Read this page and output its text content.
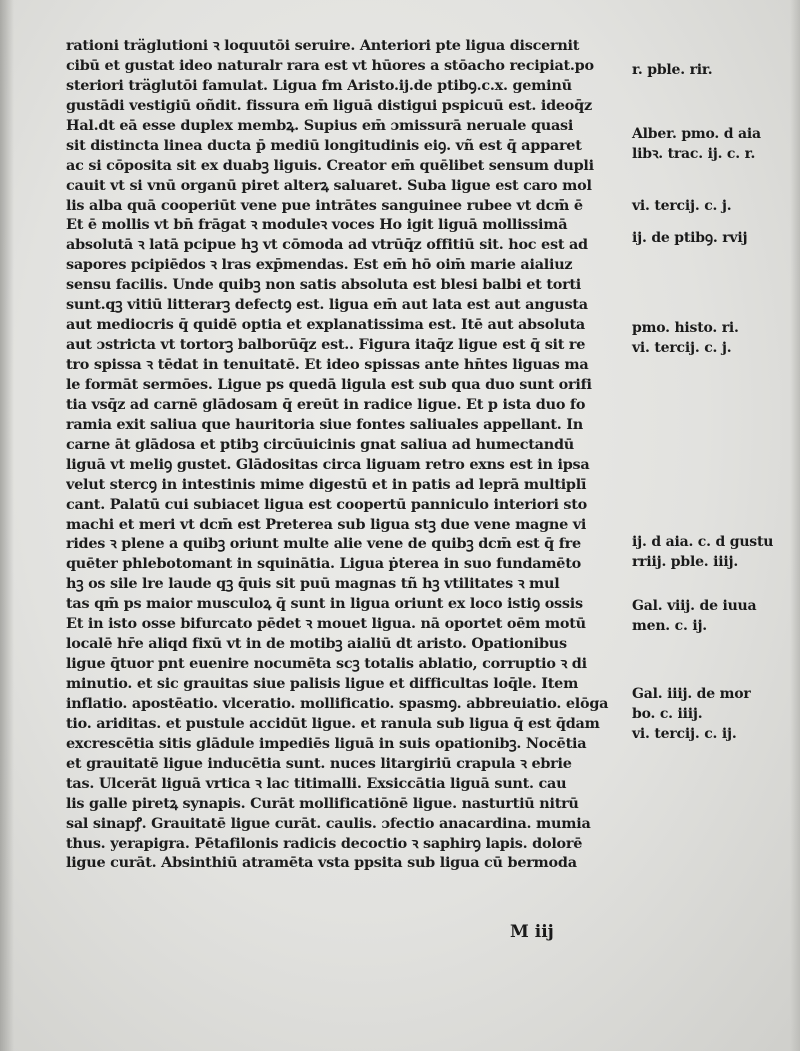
rationi träglutioni ꝛ loquutōi seruire. Anteriori pte ligua discernit
cibū et gustat ideo naturalr rara est vt hūores a stōacho recipiat.po
steriori träglutōi famulat. Ligua fm Aristo.ij.de ptibꝯ.c.x. geminū
gustādi vestigiū oñdit. fissura em̄ liguā distigui pspicuū est. ideoq̄z
Hal.dt eā esse duplex membꝝ. Supius em̄ ɔmissurā neruale quasi
sit distincta linea ducta p̄ mediū longitudinis eiꝯ. vñ est q̄ apparet
ac si cōposita sit ex duabꝫ liguis. Creator em̄ quēlibet sensum dupli
cauit vt si vnū organū piret alterꝝ saluaret. Suba ligue est caro mol
lis alba quā cooperiūt vene pue intrātes sanguinee rubee vt dcm̄ ē
Et ē mollis vt bn̄ frāgat ꝛ moduleꝛ voces Ho igit liguā mollissimā
absolutā ꝛ latā pcipue hꝫ vt cōmoda ad vtrūq̄z offitiū sit. hoc est ad
sapores pcipiēdos ꝛ lras exp̄mendas. Est em̄ hō oim̄ marie aialiuz
sensu facilis. Unde quibꝫ non satis absoluta est blesi balbi et torti
sunt.qꝫ vitiū litterarꝫ defectꝯ est. ligua em̄ aut lata est aut angusta
aut mediocris q̄ quidē optia et explanatissima est. Itē aut absoluta
aut ɔstricta vt tortorꝫ balborūq̄z est.. Figura itaq̄z ligue est q̄ sit re
tro spissa ꝛ tēdat in tenuitatē. Et ideo spissas ante hn̄tes liguas ma
le formāt sermōes. Ligue ps quedā ligula est sub qua duo sunt orifi
tia vsq̄z ad carnē glādosam q̄ ereūt in radice ligue. Et p ista duo fo
ramia exit saliua que hauritoria siue fontes saliuales appellant. In
carne āt glādosa et ptibꝫ circūuicinis gnat saliua ad humectandū
liguā vt meliꝯ gustet. Glādositas circa liguam retro exns est in ipsa
velut stercꝯ in intestinis mime digestū et in patis ad leprā multiplī
cant. Palatū cui subiacet ligua est coopertū panniculo interiori sto
machi et meri vt dcm̄ est Preterea sub ligua stꝫ due vene magne vi
rides ꝛ plene a quibꝫ oriunt multe alie vene de quibꝫ dcm̄ est q̄ fre
quēter phlebotomant in squinātia. Ligua ṗterea in suo fundamēto
hꝫ os sile lre laude qꝫ q̄uis sit puū magnas tñ hꝫ vtilitates ꝛ mul
tas qm̄ ps maior musculoꝝ q̄ sunt in ligua oriunt ex loco istiꝯ ossis
Et in isto osse bifurcato pēdet ꝛ mouet ligua. nā oportet oēm motū
localē hr̄e aliqd fixū vt in de motibꝫ aialiū dt aristo. Opationibus
ligue q̄tuor pnt euenire nocumēta scꝫ totalis ablatio, corruptio ꝛ di
minutio. et sic grauitas siue palisis ligue et difficultas loq̄le. Item
inflatio. apostēatio. vlceratio. mollificatio. spasmꝯ. abbreuiatio. elōga
tio. ariditas. et pustule accidūt ligue. et ranula sub ligua q̄ est q̄dam
excrescētia sitis glādule impediēs liguā in suis opationibꝫ. Nocētia
et grauitatē ligue inducētia sunt. nuces litargiriū crapula ꝛ ebrie
tas. Ulcerāt liguā vrtica ꝛ lac titimalli. Exsiccātia liguā sunt. cau
lis galle piretꝝ synapis. Curāt mollificatiōnē ligue. nasturtiū nitrū
sal sinapꝭ. Grauitatē ligue curāt. caulis. ɔfectio anacardina. mumia
thus. yerapigra. Pētafilonis radicis decoctio ꝛ saphirꝯ lapis. dolorē
ligue curāt. Absinthiū atramēta vsta ppsita sub ligua cū bermoda
r. pble. rir.
Alber. pmo. d aia
libꝛ. trac. ij. c. r.
vi. tercij. c. j.
ij. de ptibꝯ. rvij
pmo. histo. ri.
vi. tercij. c. j.
ij. d aia. c. d gustu
rriij. pble. iiij.
Gal. viij. de iuua
men. c. ij.
Gal. iiij. de mor
bo. c. iiij.
vi. tercij. c. ij.
M iij
